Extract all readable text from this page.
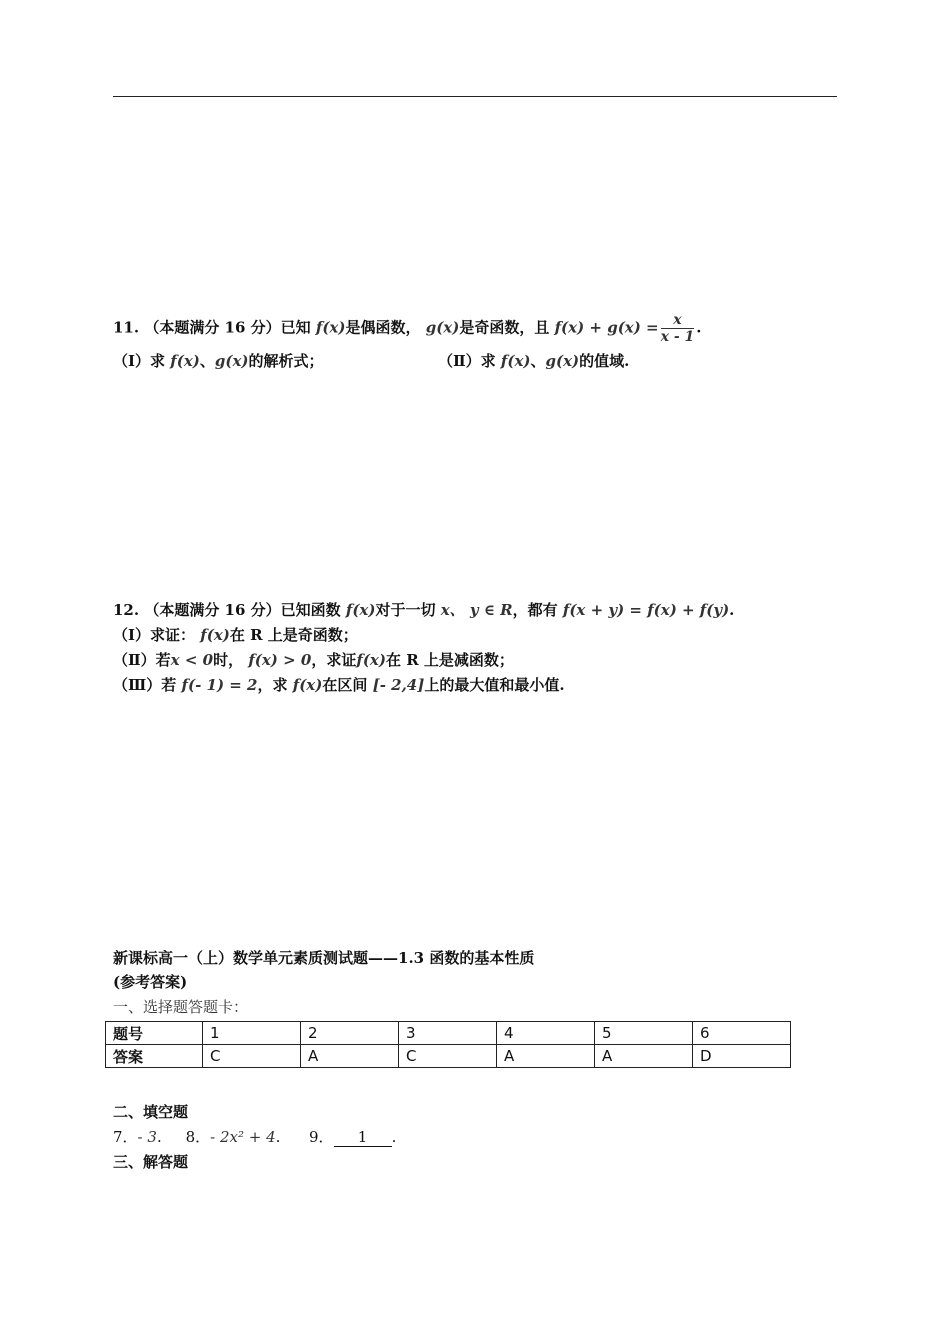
11. （本题满分 16 分）已知 f(x)是偶函数， g(x)是奇函数，且 $f(x) + g(x) = \frac{x}{x - 1}$ .
（Ⅰ）求 f(x)、g(x)的解析式；	（Ⅱ）求 f(x)、g(x)的值域.
12. （本题满分 16 分）已知函数 f(x)对于一切 x、 y ∈ R，都有 f(x + y) = f(x) + f(y).
（Ⅰ）求证： f(x)在 R 上是奇函数；
（Ⅱ）若x < 0时， f(x) > 0，求证f(x)在 R 上是减函数；
（Ⅲ）若 f(- 1) = 2，求 f(x)在区间 [- 2,4]上的最大值和最小值.
新课标高一（上）数学单元素质测试题——1.3 函数的基本性质
(参考答案)
一、选择题答题卡：
题号	1	2	3	4	5	6
答案	C	A	C	A	A	D
二、填空题
7．- 3. 8．- 2x² + 4. 9． 1 .
三、解答题
